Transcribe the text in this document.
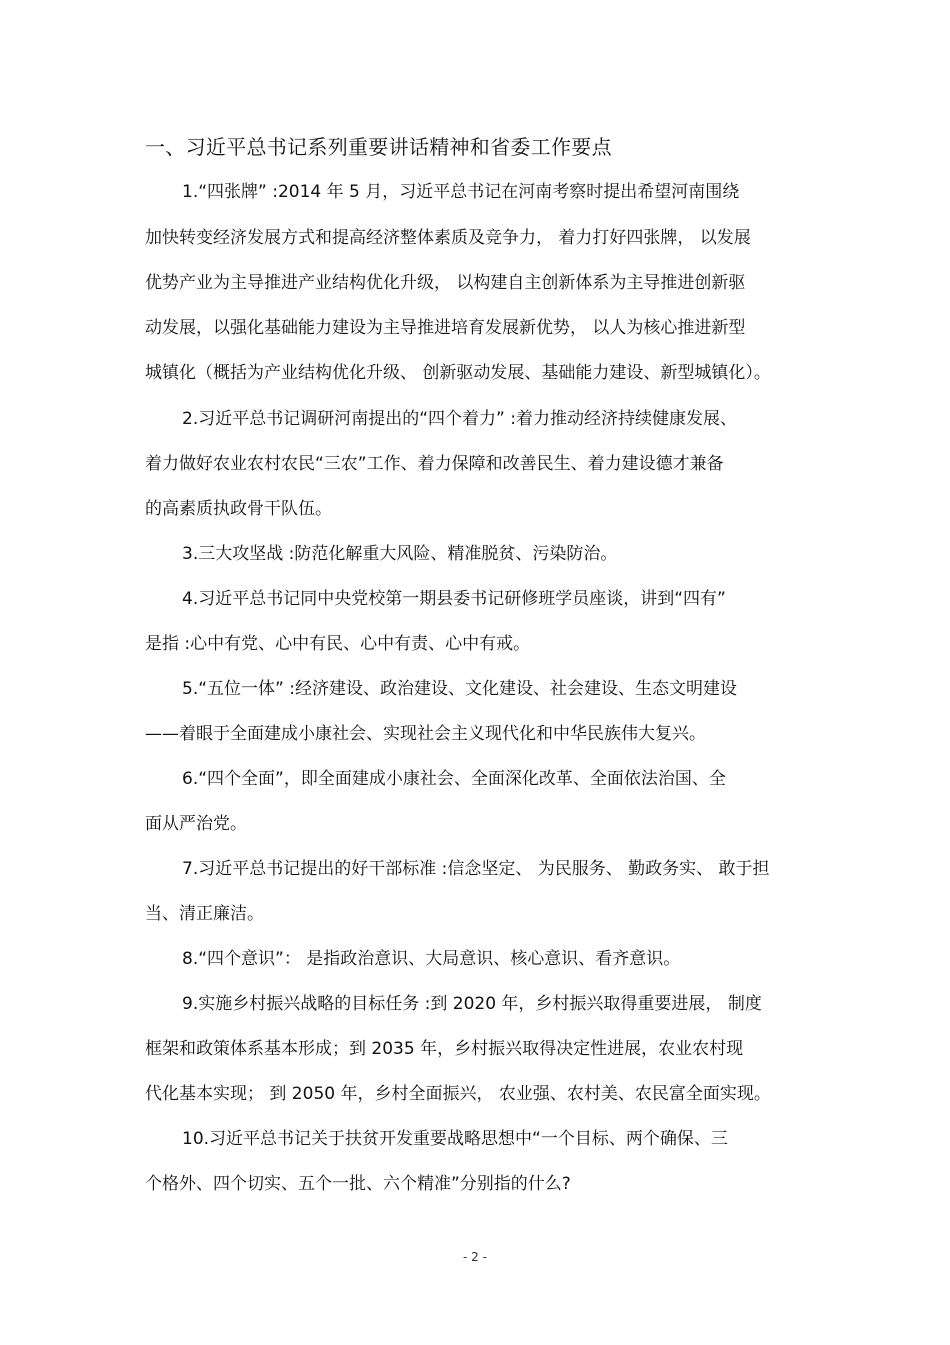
一、习近平总书记系列重要讲话精神和省委工作要点
1.“四张牌” :2014 年 5 月，习近平总书记在河南考察时提出希望河南围绕
加快转变经济发展方式和提高经济整体素质及竞争力， 着力打好四张牌， 以发展
优势产业为主导推进产业结构优化升级， 以构建自主创新体系为主导推进创新驱
动发展，以强化基础能力建设为主导推进培育发展新优势， 以人为核心推进新型
城镇化（概括为产业结构优化升级、 创新驱动发展、基础能力建设、新型城镇化）。
2.习近平总书记调研河南提出的“四个着力” :着力推动经济持续健康发展、
着力做好农业农村农民“三农”工作、着力保障和改善民生、着力建设德才兼备
的高素质执政骨干队伍。
3.三大攻坚战 :防范化解重大风险、精准脱贫、污染防治。
4.习近平总书记同中央党校第一期县委书记研修班学员座谈，讲到“四有”
是指 :心中有党、心中有民、心中有责、心中有戒。
5.“五位一体” :经济建设、政治建设、文化建设、社会建设、生态文明建设
——着眼于全面建成小康社会、实现社会主义现代化和中华民族伟大复兴。
6.“四个全面”，即全面建成小康社会、全面深化改革、全面依法治国、全
面从严治党。
7.习近平总书记提出的好干部标准 :信念坚定、 为民服务、 勤政务实、 敢于担
当、清正廉洁。
8.“四个意识”： 是指政治意识、大局意识、核心意识、看齐意识。
9.实施乡村振兴战略的目标任务 :到 2020 年，乡村振兴取得重要进展， 制度
框架和政策体系基本形成；到 2035 年，乡村振兴取得决定性进展，农业农村现
代化基本实现； 到 2050 年，乡村全面振兴， 农业强、农村美、农民富全面实现。
10.习近平总书记关于扶贫开发重要战略思想中“一个目标、两个确保、三
个格外、四个切实、五个一批、六个精准”分别指的什么?
- 2 -
